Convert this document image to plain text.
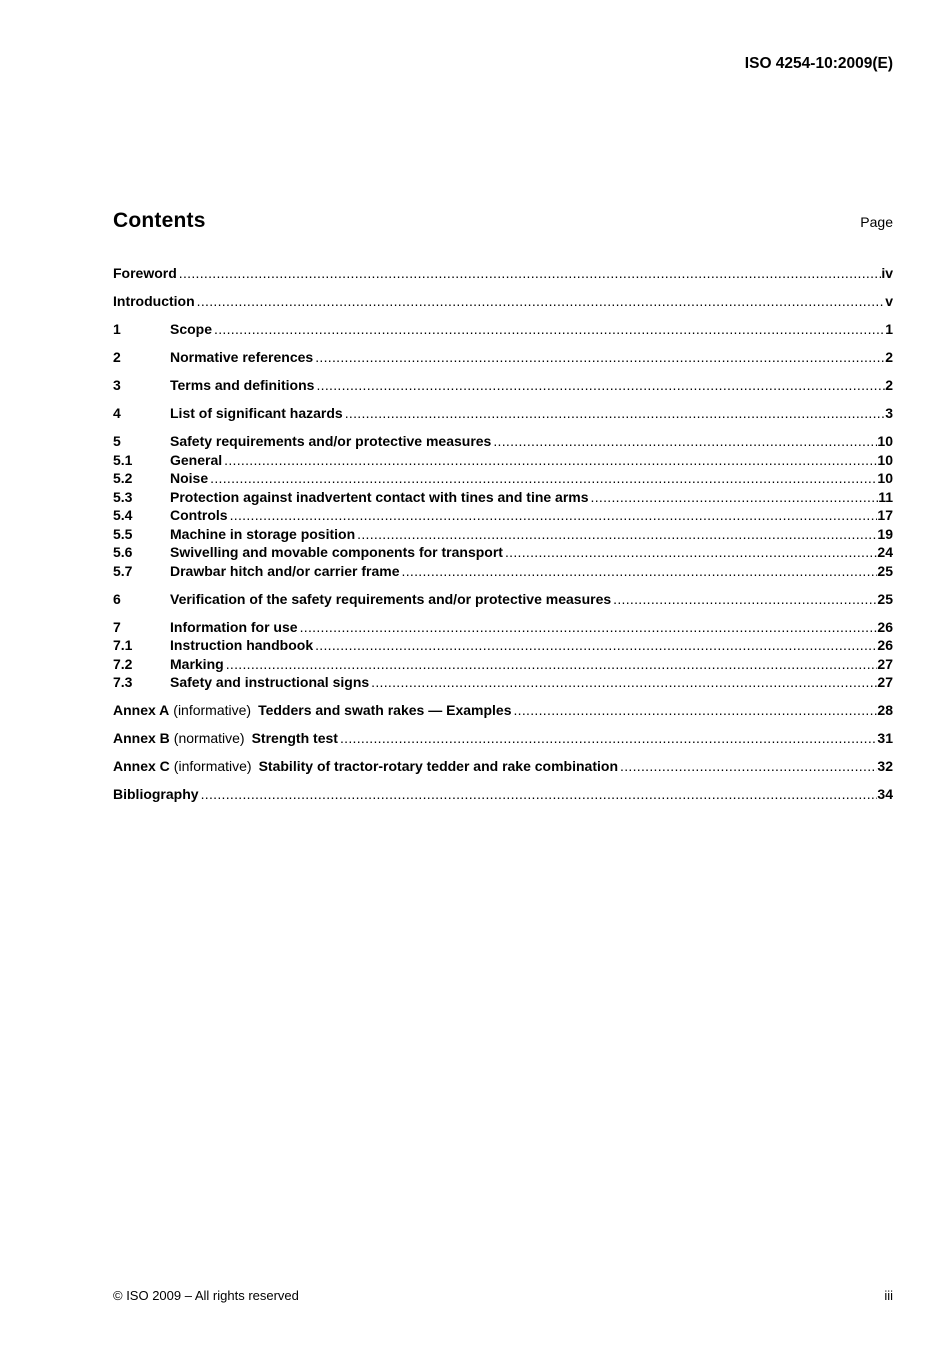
ISO 4254-10:2009(E)
Contents	Page
Foreword .....	iv
Introduction .....	v
1	Scope .....	1
2	Normative references .....	2
3	Terms and definitions .....	2
4	List of significant hazards .....	3
5	Safety requirements and/or protective measures .....	10
5.1	General .....	10
5.2	Noise .....	10
5.3	Protection against inadvertent contact with tines and tine arms .....	11
5.4	Controls .....	17
5.5	Machine in storage position .....	19
5.6	Swivelling and movable components for transport .....	24
5.7	Drawbar hitch and/or carrier frame .....	25
6	Verification of the safety requirements and/or protective measures .....	25
7	Information for use .....	26
7.1	Instruction handbook .....	26
7.2	Marking .....	27
7.3	Safety and instructional signs .....	27
Annex A (informative) Tedders and swath rakes — Examples .....	28
Annex B (normative) Strength test .....	31
Annex C (informative) Stability of tractor-rotary tedder and rake combination .....	32
Bibliography .....	34
© ISO 2009 – All rights reserved	iii
